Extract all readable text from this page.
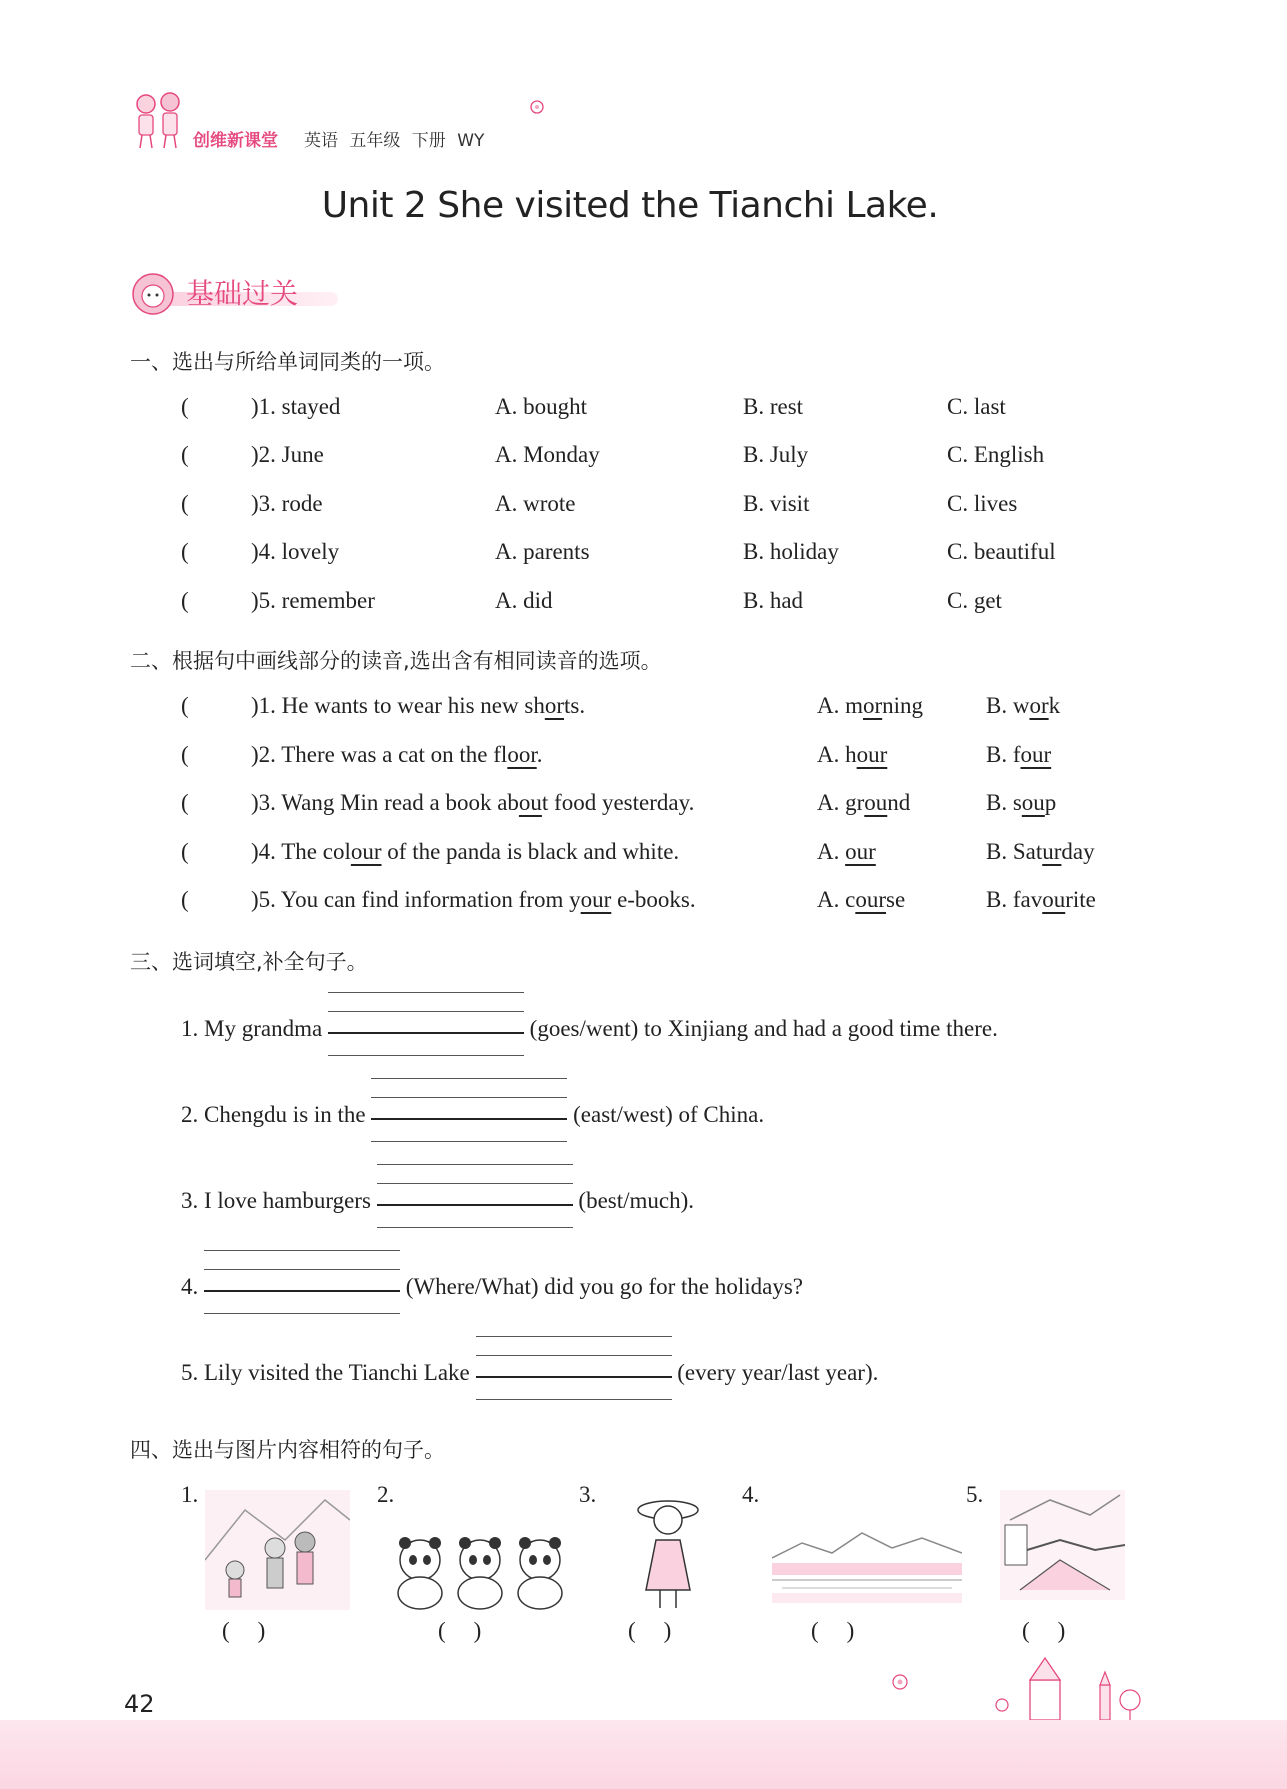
创维新课堂 英语 五年级 下册 WY
Unit 2 She visited the Tianchi Lake.
基础过关
一、选出与所给单词同类的一项。
(	)1. stayed	A. bought	B. rest	C. last
(	)2. June	A. Monday	B. July	C. English
(	)3. rode	A. wrote	B. visit	C. lives
(	)4. lovely	A. parents	B. holiday	C. beautiful
(	)5. remember	A. did	B. had	C. get
二、根据句中画线部分的读音,选出含有相同读音的选项。
(	)1. He wants to wear his new shorts.	A. morning	B. work
(	)2. There was a cat on the floor.	A. hour	B. four
(	)3. Wang Min read a book about food yesterday.	A. ground	B. soup
(	)4. The colour of the panda is black and white.	A. our	B. Saturday
(	)5. You can find information from your e-books.	A. course	B. favourite
三、选词填空,补全句子。
1. My grandma	(goes/went) to Xinjiang and had a good time there.
2. Chengdu is in the	(east/west) of China.
3. I love hamburgers	(best/much).
4.	(Where/What) did you go for the holidays?
5. Lily visited the Tianchi Lake	(every year/last year).
四、选出与图片内容相符的句子。
1.	2.	3.	4.	5.
()	()	()	()	()
42
